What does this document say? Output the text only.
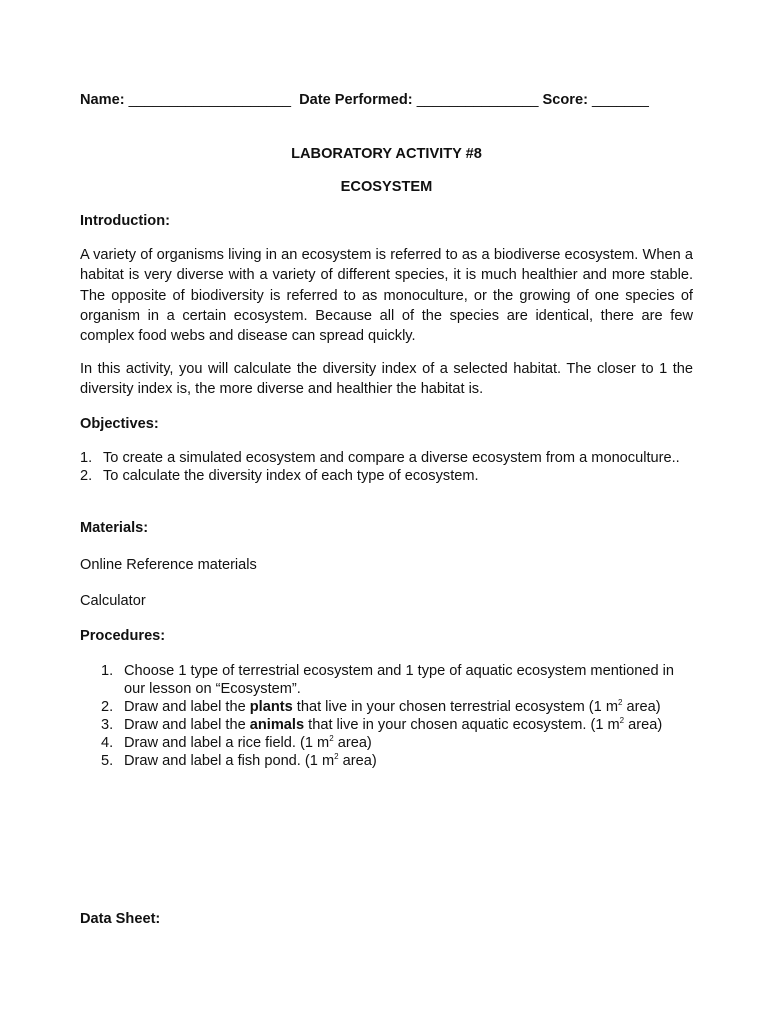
Name: ____________________ Date Performed: _______________ Score: _______
LABORATORY ACTIVITY #8
ECOSYSTEM
Introduction:
A variety of organisms living in an ecosystem is referred to as a biodiverse ecosystem. When a habitat is very diverse with a variety of different species, it is much healthier and more stable. The opposite of biodiversity is referred to as monoculture, or the growing of one species of organism in a certain ecosystem. Because all of the species are identical, there are few complex food webs and disease can spread quickly.
In this activity, you will calculate the diversity index of a selected habitat. The closer to 1 the diversity index is, the more diverse and healthier the habitat is.
Objectives:
1. To create a simulated ecosystem and compare a diverse ecosystem from a monoculture..
2. To calculate the diversity index of each type of ecosystem.
Materials:
Online Reference materials
Calculator
Procedures:
1. Choose 1 type of terrestrial ecosystem and 1 type of aquatic ecosystem mentioned in our lesson on “Ecosystem”.
2. Draw and label the plants that live in your chosen terrestrial ecosystem (1 $m^2$ area)
3. Draw and label the animals that live in your chosen aquatic ecosystem. (1 $m^2$ area)
4. Draw and label a rice field. (1 $m^2$ area)
5. Draw and label a fish pond. (1 $m^2$ area)
Data Sheet:
